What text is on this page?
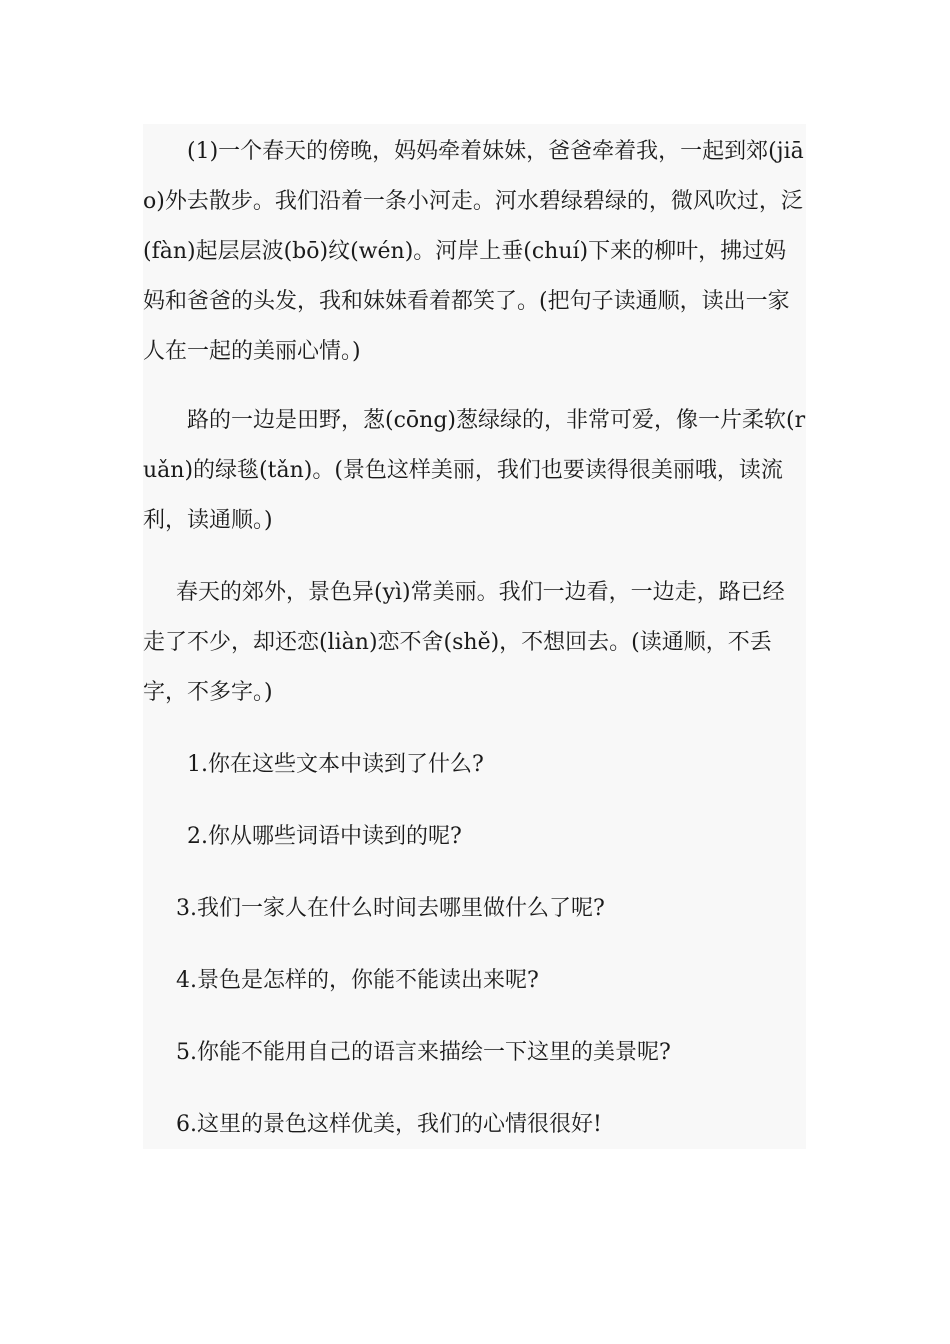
(1)一个春天的傍晚，妈妈牵着妹妹，爸爸牵着我，一起到郊(jiāo)外去散步。我们沿着一条小河走。河水碧绿碧绿的，微风吹过，泛(fàn)起层层波(bō)纹(wén)。河岸上垂(chuí)下来的柳叶，拂过妈妈和爸爸的头发，我和妹妹看着都笑了。(把句子读通顺，读出一家人在一起的美丽心情。)

路的一边是田野，葱(cōng)葱绿绿的，非常可爱，像一片柔软(ruǎn)的绿毯(tǎn)。(景色这样美丽，我们也要读得很美丽哦，读流利，读通顺。)

春天的郊外，景色异(yì)常美丽。我们一边看，一边走，路已经走了不少，却还恋(liàn)恋不舍(shě)，不想回去。(读通顺，不丢字，不多字。)

1.你在这些文本中读到了什么?
2.你从哪些词语中读到的呢?
3.我们一家人在什么时间去哪里做什么了呢?
4.景色是怎样的，你能不能读出来呢?
5.你能不能用自己的语言来描绘一下这里的美景呢?
6.这里的景色这样优美，我们的心情很很好!
